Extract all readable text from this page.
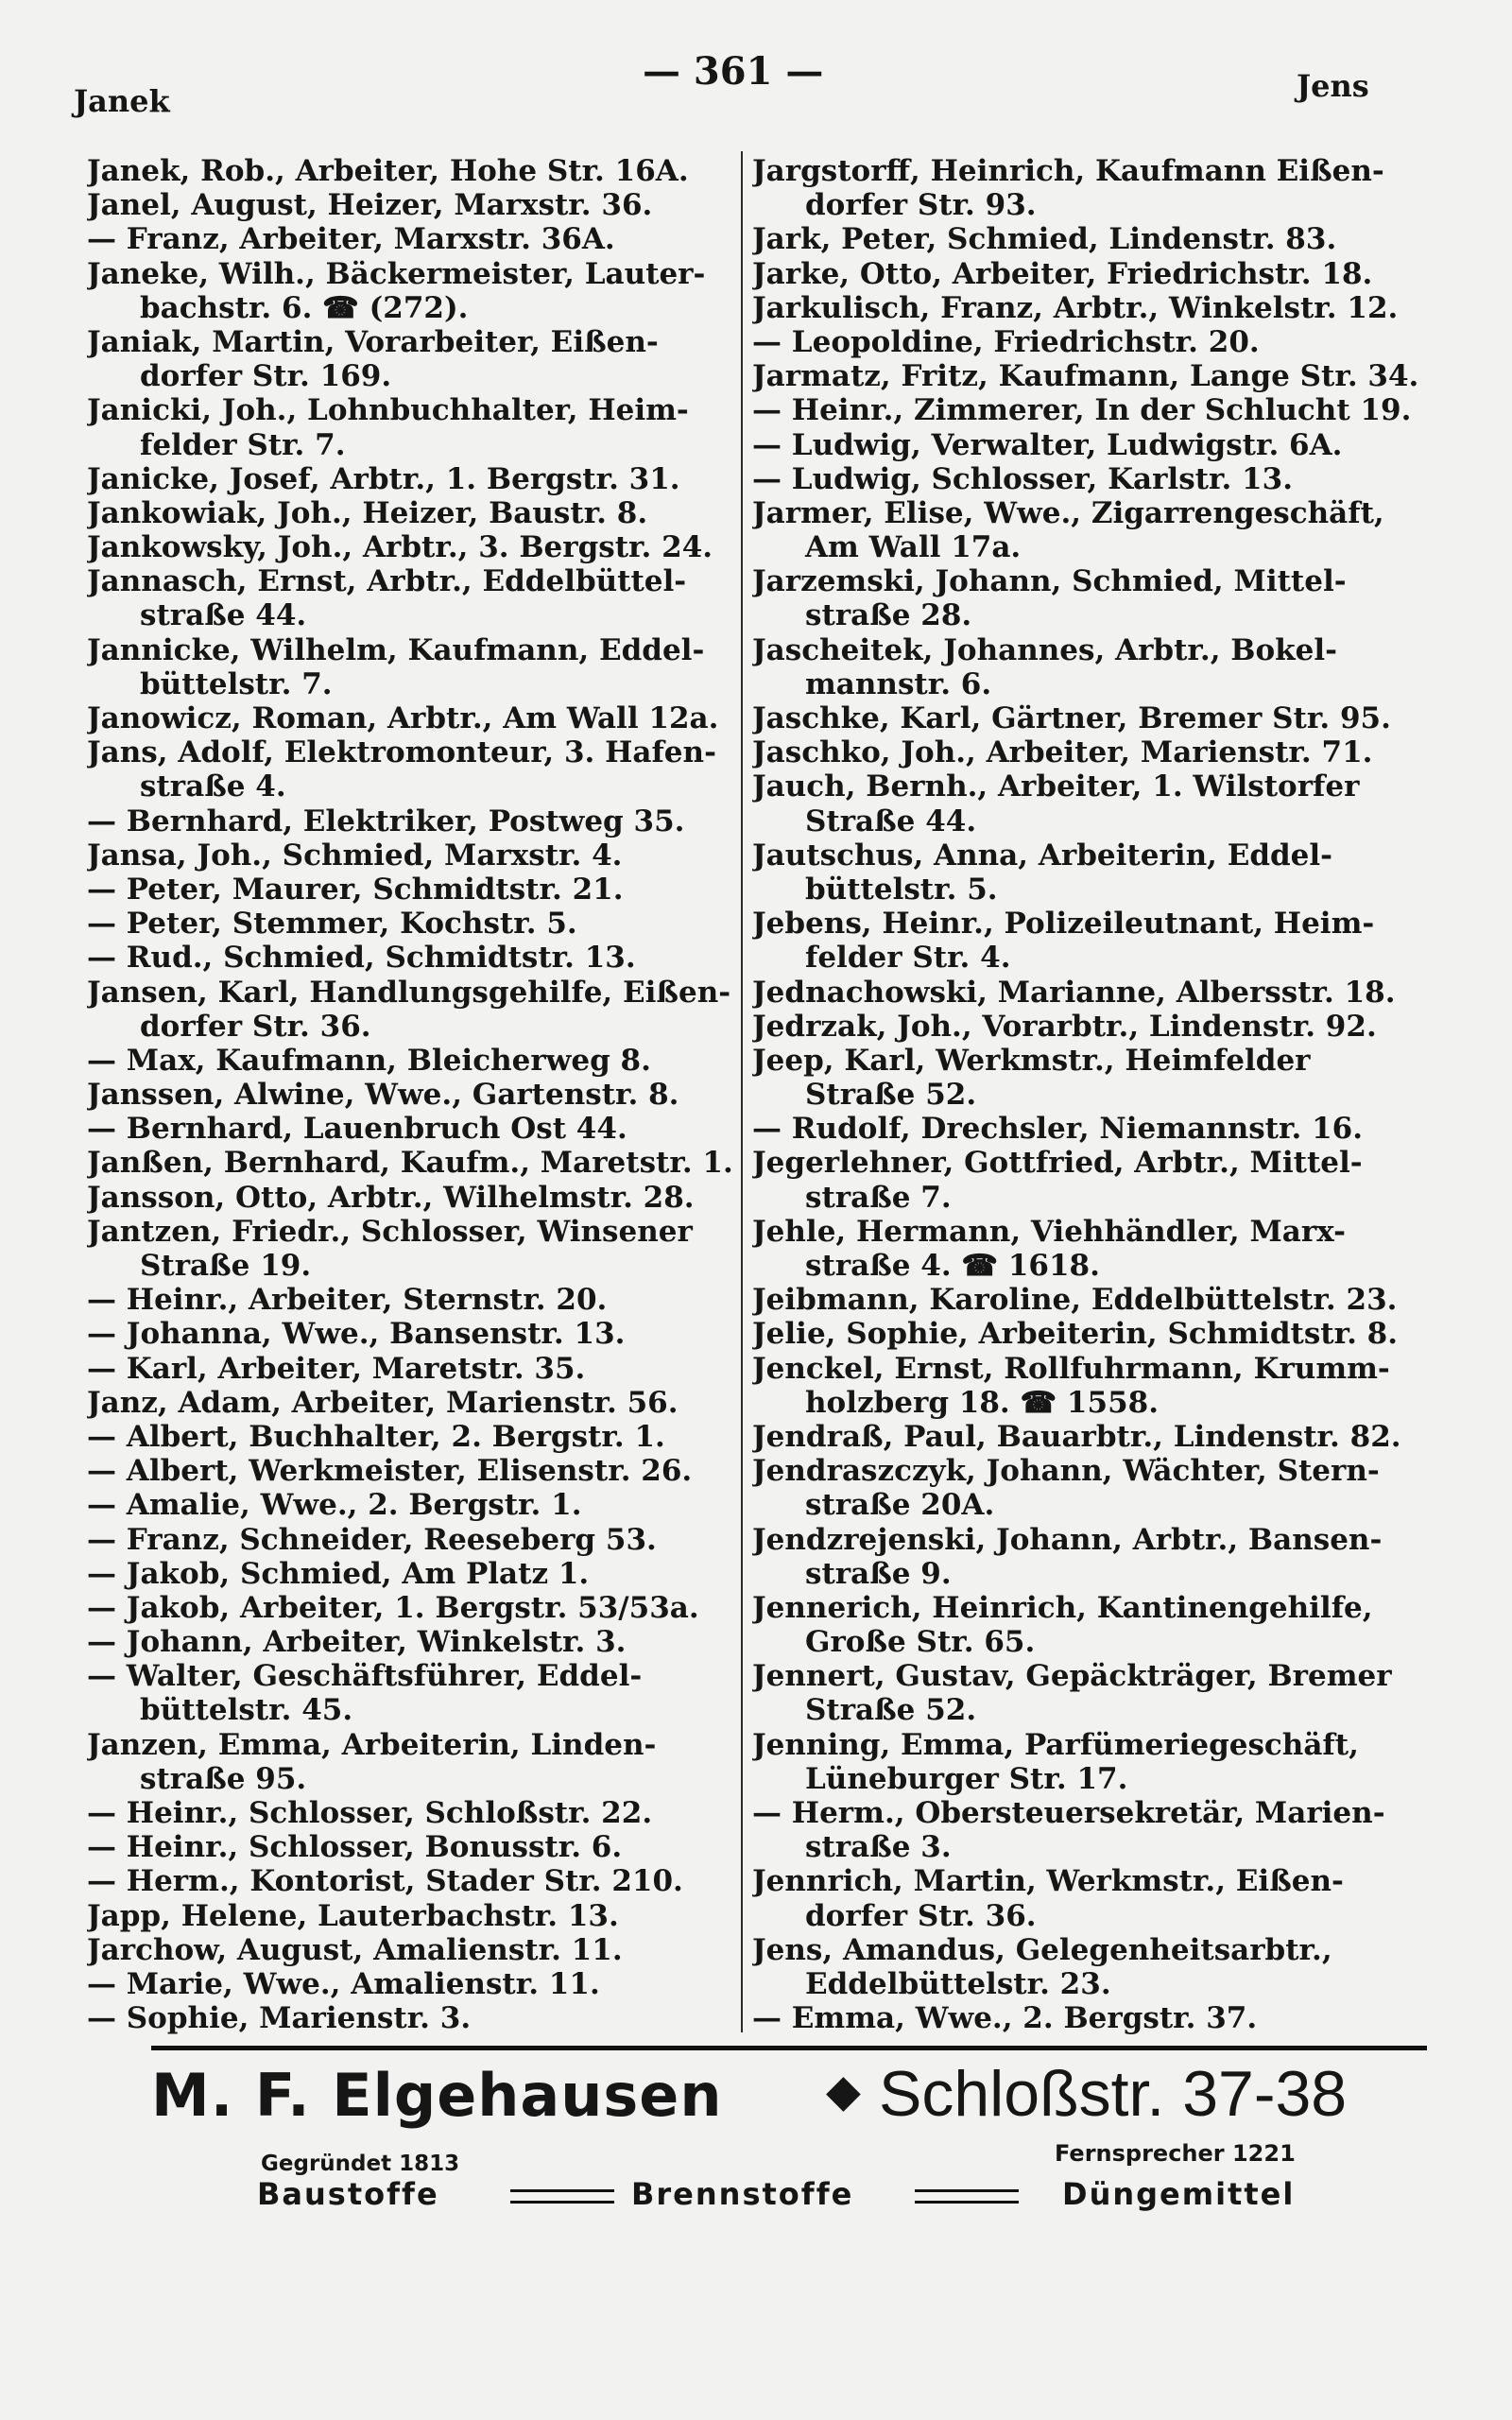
Janek
— 361 —	Jens
Janek, Rob., Arbeiter, Hohe Str. 16A.
Janel, August, Heizer, Marxstr. 36.
— Franz, Arbeiter, Marxstr. 36A.
Janeke, Wilh., Bäckermeister, Lauter-
bachstr. 6. ☎ (272).
Janiak, Martin, Vorarbeiter, Eißen-
dorfer Str. 169.
Janicki, Joh., Lohnbuchhalter, Heim-
felder Str. 7.
Janicke, Josef, Arbtr., 1. Bergstr. 31.
Jankowiak, Joh., Heizer, Baustr. 8.
Jankowsky, Joh., Arbtr., 3. Bergstr. 24.
Jannasch, Ernst, Arbtr., Eddelbüttel-
straße 44.
Jannicke, Wilhelm, Kaufmann, Eddel-
büttelstr. 7.
Janowicz, Roman, Arbtr., Am Wall 12a.
Jans, Adolf, Elektromonteur, 3. Hafen-
straße 4.
— Bernhard, Elektriker, Postweg 35.
Jansa, Joh., Schmied, Marxstr. 4.
— Peter, Maurer, Schmidtstr. 21.
— Peter, Stemmer, Kochstr. 5.
— Rud., Schmied, Schmidtstr. 13.
Jansen, Karl, Handlungsgehilfe, Eißen-
dorfer Str. 36.
— Max, Kaufmann, Bleicherweg 8.
Janssen, Alwine, Wwe., Gartenstr. 8.
— Bernhard, Lauenbruch Ost 44.
Janßen, Bernhard, Kaufm., Maretstr. 1.
Jansson, Otto, Arbtr., Wilhelmstr. 28.
Jantzen, Friedr., Schlosser, Winsener
Straße 19.
— Heinr., Arbeiter, Sternstr. 20.
— Johanna, Wwe., Bansenstr. 13.
— Karl, Arbeiter, Maretstr. 35.
Janz, Adam, Arbeiter, Marienstr. 56.
— Albert, Buchhalter, 2. Bergstr. 1.
— Albert, Werkmeister, Elisenstr. 26.
— Amalie, Wwe., 2. Bergstr. 1.
— Franz, Schneider, Reeseberg 53.
— Jakob, Schmied, Am Platz 1.
— Jakob, Arbeiter, 1. Bergstr. 53/53a.
— Johann, Arbeiter, Winkelstr. 3.
— Walter, Geschäftsführer, Eddel-
büttelstr. 45.
Janzen, Emma, Arbeiterin, Linden-
straße 95.
— Heinr., Schlosser, Schloßstr. 22.
— Heinr., Schlosser, Bonusstr. 6.
— Herm., Kontorist, Stader Str. 210.
Japp, Helene, Lauterbachstr. 13.
Jarchow, August, Amalienstr. 11.
— Marie, Wwe., Amalienstr. 11.
— Sophie, Marienstr. 3.
Jargstorff, Heinrich, Kaufmann Eißen-
dorfer Str. 93.
Jark, Peter, Schmied, Lindenstr. 83.
Jarke, Otto, Arbeiter, Friedrichstr. 18.
Jarkulisch, Franz, Arbtr., Winkelstr. 12.
— Leopoldine, Friedrichstr. 20.
Jarmatz, Fritz, Kaufmann, Lange Str. 34.
— Heinr., Zimmerer, In der Schlucht 19.
— Ludwig, Verwalter, Ludwigstr. 6A.
— Ludwig, Schlosser, Karlstr. 13.
Jarmer, Elise, Wwe., Zigarrengeschäft,
Am Wall 17a.
Jarzemski, Johann, Schmied, Mittel-
straße 28.
Jascheitek, Johannes, Arbtr., Bokel-
mannstr. 6.
Jaschke, Karl, Gärtner, Bremer Str. 95.
Jaschko, Joh., Arbeiter, Marienstr. 71.
Jauch, Bernh., Arbeiter, 1. Wilstorfer
Straße 44.
Jautschus, Anna, Arbeiterin, Eddel-
büttelstr. 5.
Jebens, Heinr., Polizeileutnant, Heim-
felder Str. 4.
Jednachowski, Marianne, Albersstr. 18.
Jedrzak, Joh., Vorarbtr., Lindenstr. 92.
Jeep, Karl, Werkmstr., Heimfelder
Straße 52.
— Rudolf, Drechsler, Niemannstr. 16.
Jegerlehner, Gottfried, Arbtr., Mittel-
straße 7.
Jehle, Hermann, Viehhändler, Marx-
straße 4. ☎ 1618.
Jeibmann, Karoline, Eddelbüttelstr. 23.
Jelie, Sophie, Arbeiterin, Schmidtstr. 8.
Jenckel, Ernst, Rollfuhrmann, Krumm-
holzberg 18. ☎ 1558.
Jendraß, Paul, Bauarbtr., Lindenstr. 82.
Jendraszczyk, Johann, Wächter, Stern-
straße 20A.
Jendzrejenski, Johann, Arbtr., Bansen-
straße 9.
Jennerich, Heinrich, Kantinengehilfe,
Große Str. 65.
Jennert, Gustav, Gepäckträger, Bremer
Straße 52.
Jenning, Emma, Parfümeriegeschäft,
Lüneburger Str. 17.
— Herm., Obersteuersekretär, Marien-
straße 3.
Jennrich, Martin, Werkmstr., Eißen-
dorfer Str. 36.
Jens, Amandus, Gelegenheitsarbtr.,
Eddelbüttelstr. 23.
— Emma, Wwe., 2. Bergstr. 37.
M. F. Elgehausen ◆ Schloßstr. 37-38
Gegründet 1813	Fernsprecher 1221
Baustoffe	Brennstoffe	Düngemittel
